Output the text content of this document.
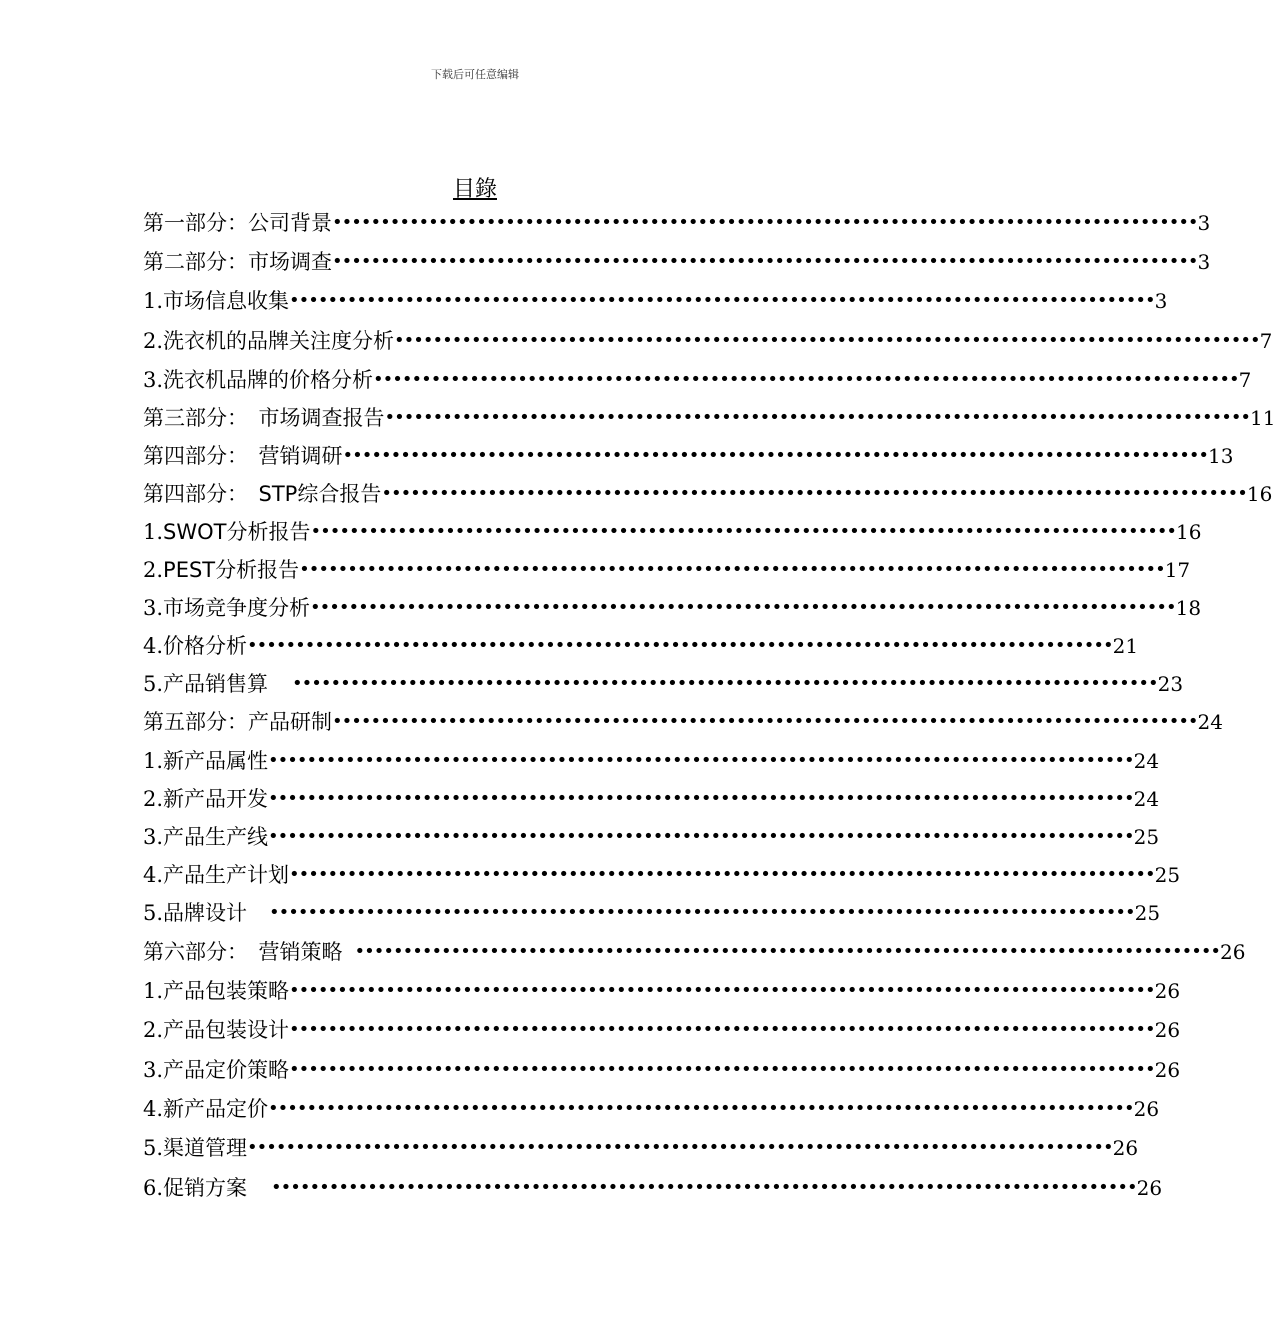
下载后可任意编辑
目錄
第一部分：公司背景 •••••••••••••••••••••••••••••••••••••••••••••••••••••••••••••••••••••••••••••••••••••••••• 3
第二部分：市场调查 •••••••••••••••••••••••••••••••••••••••••••••••••••••••••••••••••••••••••••••••••••••••••• 3
1. 市场信息收集 •••••••••••••••••••••••••••••••••••••••••••••••••••••••••••••••••••••••••••••••••••••••••• 3
2. 洗衣机的品牌关注度分析 •••••••••••••••••••••••••••••••••••••••••••••••••••••••••••••••••••••••••••••••••••••••••• 7
3. 洗衣机品牌的价格分析 •••••••••••••••••••••••••••••••••••••••••••••••••••••••••••••••••••••••••••••••••••••••••• 7
第三部分：　市场调查报告 •••••••••••••••••••••••••••••••••••••••••••••••••••••••••••••••••••••••••••••••••••••••••• 11
第四部分：　营销调研 •••••••••••••••••••••••••••••••••••••••••••••••••••••••••••••••••••••••••••••••••••••••••• 13
第四部分：　STP综合报告 •••••••••••••••••••••••••••••••••••••••••••••••••••••••••••••••••••••••••••••••••••••••••• 16
1. SWOT分析报告 •••••••••••••••••••••••••••••••••••••••••••••••••••••••••••••••••••••••••••••••••••••••••• 16
2. PEST分析报告 •••••••••••••••••••••••••••••••••••••••••••••••••••••••••••••••••••••••••••••••••••••••••• 17
3. 市场竞争度分析 •••••••••••••••••••••••••••••••••••••••••••••••••••••••••••••••••••••••••••••••••••••••••• 18
4. 价格分析 •••••••••••••••••••••••••••••••••••••••••••••••••••••••••••••••••••••••••••••••••••••••••• 21
5. 产品销售算	•••••••••••••••••••••••••••••••••••••••••••••••••••••••••••••••••••••••••••••••••••••••••• 23
第五部分：产品研制 •••••••••••••••••••••••••••••••••••••••••••••••••••••••••••••••••••••••••••••••••••••••••• 24
1. 新产品属性 •••••••••••••••••••••••••••••••••••••••••••••••••••••••••••••••••••••••••••••••••••••••••• 24
2. 新产品开发 •••••••••••••••••••••••••••••••••••••••••••••••••••••••••••••••••••••••••••••••••••••••••• 24
3. 产品生产线 •••••••••••••••••••••••••••••••••••••••••••••••••••••••••••••••••••••••••••••••••••••••••• 25
4. 产品生产计划 •••••••••••••••••••••••••••••••••••••••••••••••••••••••••••••••••••••••••••••••••••••••••• 25
5. 品牌设计	•••••••••••••••••••••••••••••••••••••••••••••••••••••••••••••••••••••••••••••••••••••••••• 25
第六部分：　营销策略 •••••••••••••••••••••••••••••••••••••••••••••••••••••••••••••••••••••••••••••••••••••••••• 26
1. 产品包装策略 •••••••••••••••••••••••••••••••••••••••••••••••••••••••••••••••••••••••••••••••••••••••••• 26
2. 产品包装设计 •••••••••••••••••••••••••••••••••••••••••••••••••••••••••••••••••••••••••••••••••••••••••• 26
3. 产品定价策略 •••••••••••••••••••••••••••••••••••••••••••••••••••••••••••••••••••••••••••••••••••••••••• 26
4. 新产品定价 •••••••••••••••••••••••••••••••••••••••••••••••••••••••••••••••••••••••••••••••••••••••••• 26
5. 渠道管理 •••••••••••••••••••••••••••••••••••••••••••••••••••••••••••••••••••••••••••••••••••••••••• 26
6. 促销方案	•••••••••••••••••••••••••••••••••••••••••••••••••••••••••••••••••••••••••••••••••••••••••• 26
